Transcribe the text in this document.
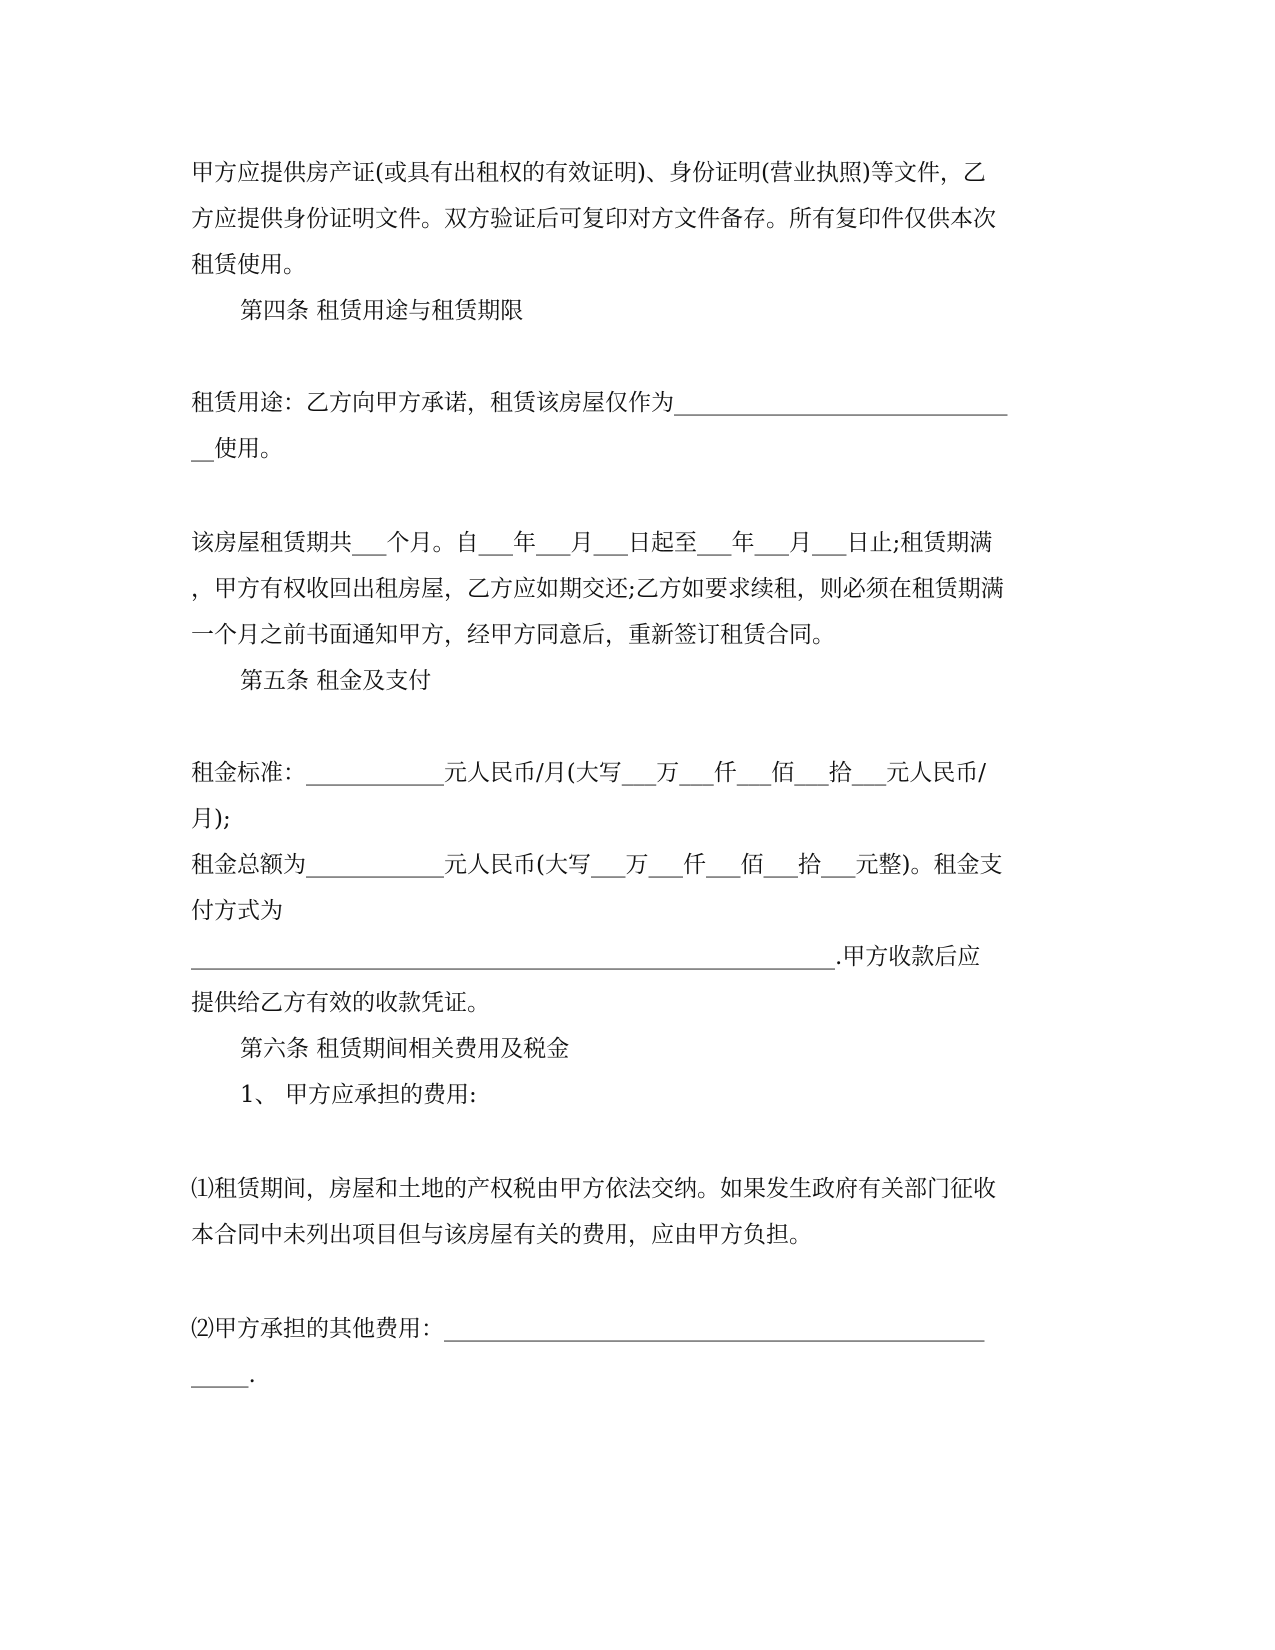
甲方应提供房产证(或具有出租权的有效证明)、身份证明(营业执照)等文件，乙
方应提供身份证明文件。双方验证后可复印对方文件备存。所有复印件仅供本次
租赁使用。
第四条 租赁用途与租赁期限
租赁用途：乙方向甲方承诺，租赁该房屋仅作为_____________________________
__使用。
该房屋租赁期共___个月。自___年___月___日起至___年___月___日止;租赁期满
，甲方有权收回出租房屋，乙方应如期交还;乙方如要求续租，则必须在租赁期满
一个月之前书面通知甲方，经甲方同意后，重新签订租赁合同。
第五条 租金及支付
租金标准：____________元人民币/月(大写___万___仟___佰___拾___元人民币/
月);
租金总额为____________元人民币(大写___万___仟___佰___拾___元整)。租金支
付方式为
________________________________________________________.甲方收款后应
提供给乙方有效的收款凭证。
第六条 租赁期间相关费用及税金
1、 甲方应承担的费用:
⑴租赁期间，房屋和土地的产权税由甲方依法交纳。如果发生政府有关部门征收
本合同中未列出项目但与该房屋有关的费用，应由甲方负担。
⑵甲方承担的其他费用：_______________________________________________
_____.
